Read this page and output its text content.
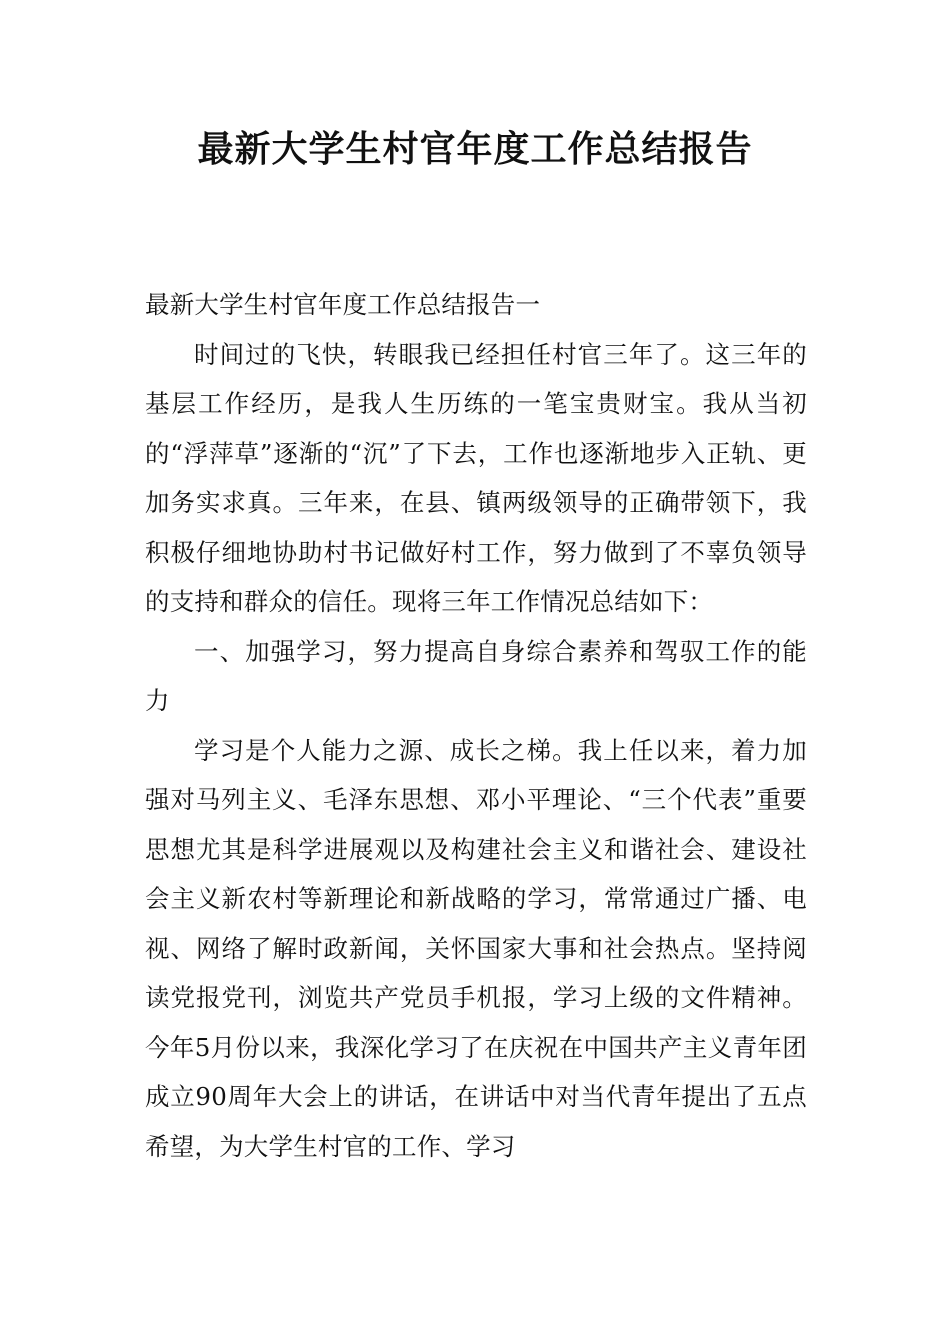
最新大学生村官年度工作总结报告

最新大学生村官年度工作总结报告一

时间过的飞快，转眼我已经担任村官三年了。这三年的基层工作经历，是我人生历练的一笔宝贵财宝。我从当初的“浮萍草”逐渐的“沉”了下去，工作也逐渐地步入正轨、更加务实求真。三年来，在县、镇两级领导的正确带领下，我积极仔细地协助村书记做好村工作，努力做到了不辜负领导的支持和群众的信任。现将三年工作情况总结如下：

一、加强学习，努力提高自身综合素养和驾驭工作的能力

学习是个人能力之源、成长之梯。我上任以来，着力加强对马列主义、毛泽东思想、邓小平理论、“三个代表”重要思想尤其是科学进展观以及构建社会主义和谐社会、建设社会主义新农村等新理论和新战略的学习，常常通过广播、电视、网络了解时政新闻，关怀国家大事和社会热点。坚持阅读党报党刊，浏览共产党员手机报，学习上级的文件精神。今年5月份以来，我深化学习了在庆祝在中国共产主义青年团成立90周年大会上的讲话，在讲话中对当代青年提出了五点希望，为大学生村官的工作、学习
